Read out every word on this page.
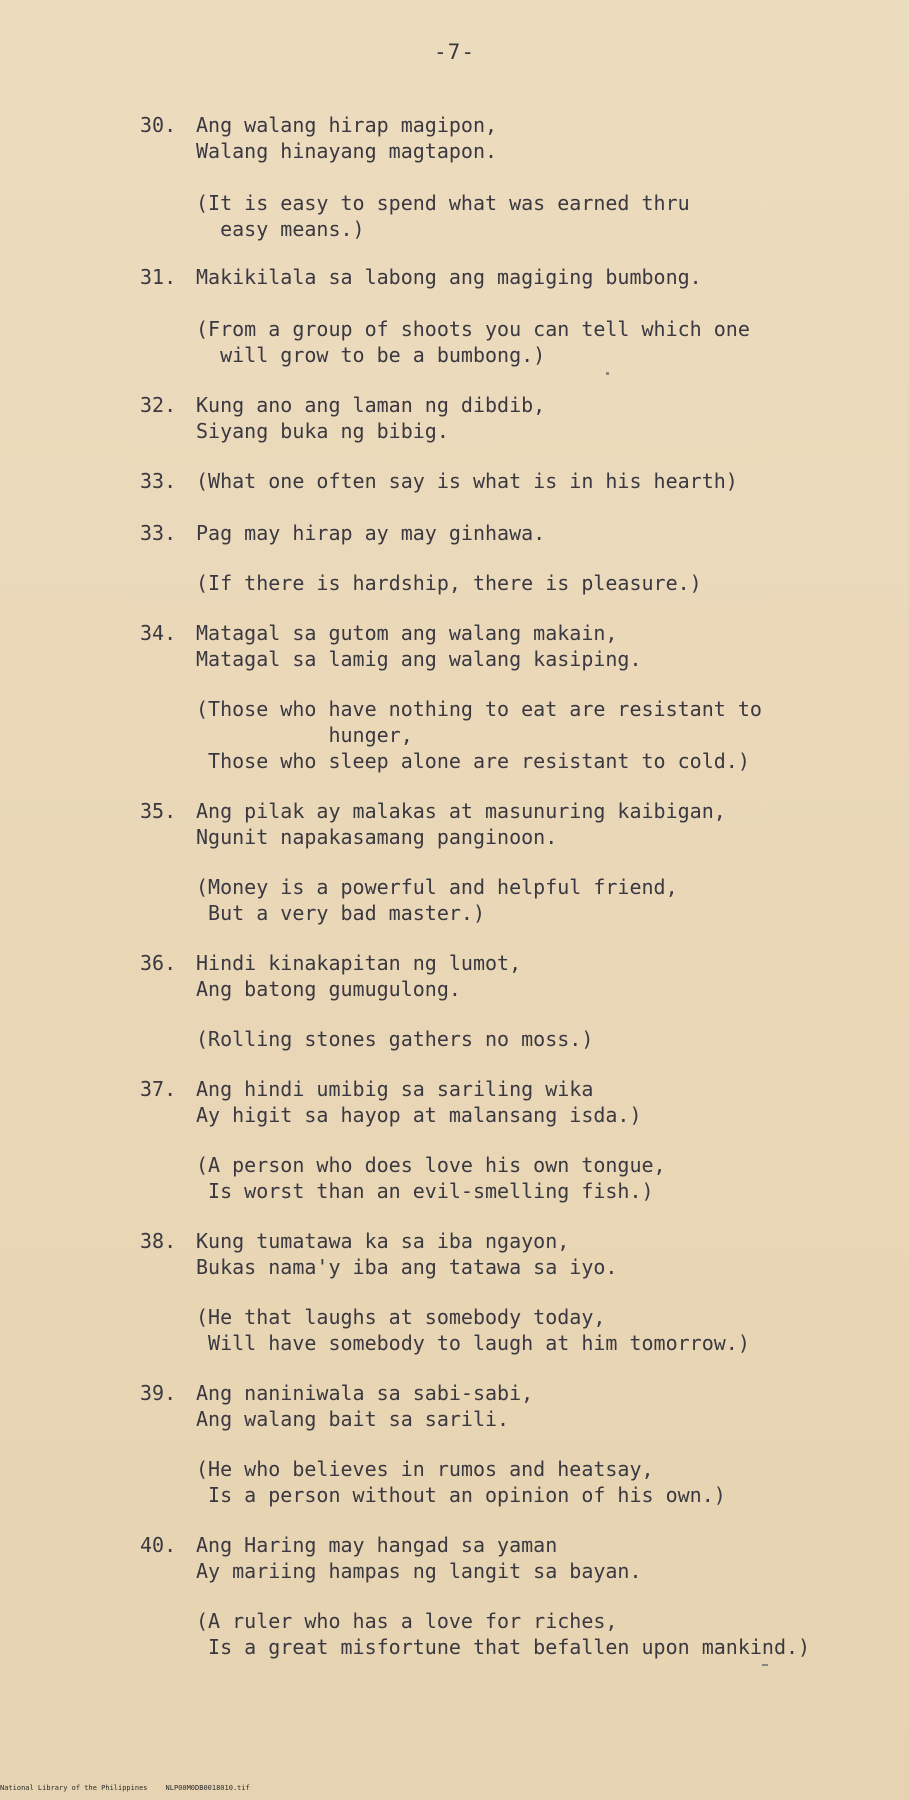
-7-
30. Ang walang hirap magipon,
Walang hinayang magtapon.
(It is easy to spend what was earned thru
easy means.)
31. Makikilala sa labong ang magiging bumbong.
(From a group of shoots you can tell which one
will grow to be a bumbong.)
32. Kung ano ang laman ng dibdib,
Siyang buka ng bibig.
33. (What one often say is what is in his hearth)
33. Pag may hirap ay may ginhawa.
(If there is hardship, there is pleasure.)
34. Matagal sa gutom ang walang makain,
Matagal sa lamig ang walang kasiping.
(Those who have nothing to eat are resistant to
hunger,
Those who sleep alone are resistant to cold.)
35. Ang pilak ay malakas at masunuring kaibigan,
Ngunit napakasamang panginoon.
(Money is a powerful and helpful friend,
But a very bad master.)
36. Hindi kinakapitan ng lumot,
Ang batong gumugulong.
(Rolling stones gathers no moss.)
37. Ang hindi umibig sa sariling wika
Ay higit sa hayop at malansang isda.)
(A person who does love his own tongue,
Is worst than an evil-smelling fish.)
38. Kung tumatawa ka sa iba ngayon,
Bukas nama'y iba ang tatawa sa iyo.
(He that laughs at somebody today,
Will have somebody to laugh at him tomorrow.)
39. Ang naniniwala sa sabi-sabi,
Ang walang bait sa sarili.
(He who believes in rumos and heatsay,
Is a person without an opinion of his own.)
40. Ang Haring may hangad sa yaman
Ay mariing hampas ng langit sa bayan.
(A ruler who has a love for riches,
Is a great misfortune that befallen upon mankind.)
National Library of the Philippines	NLP00M0DB0018010.tif
